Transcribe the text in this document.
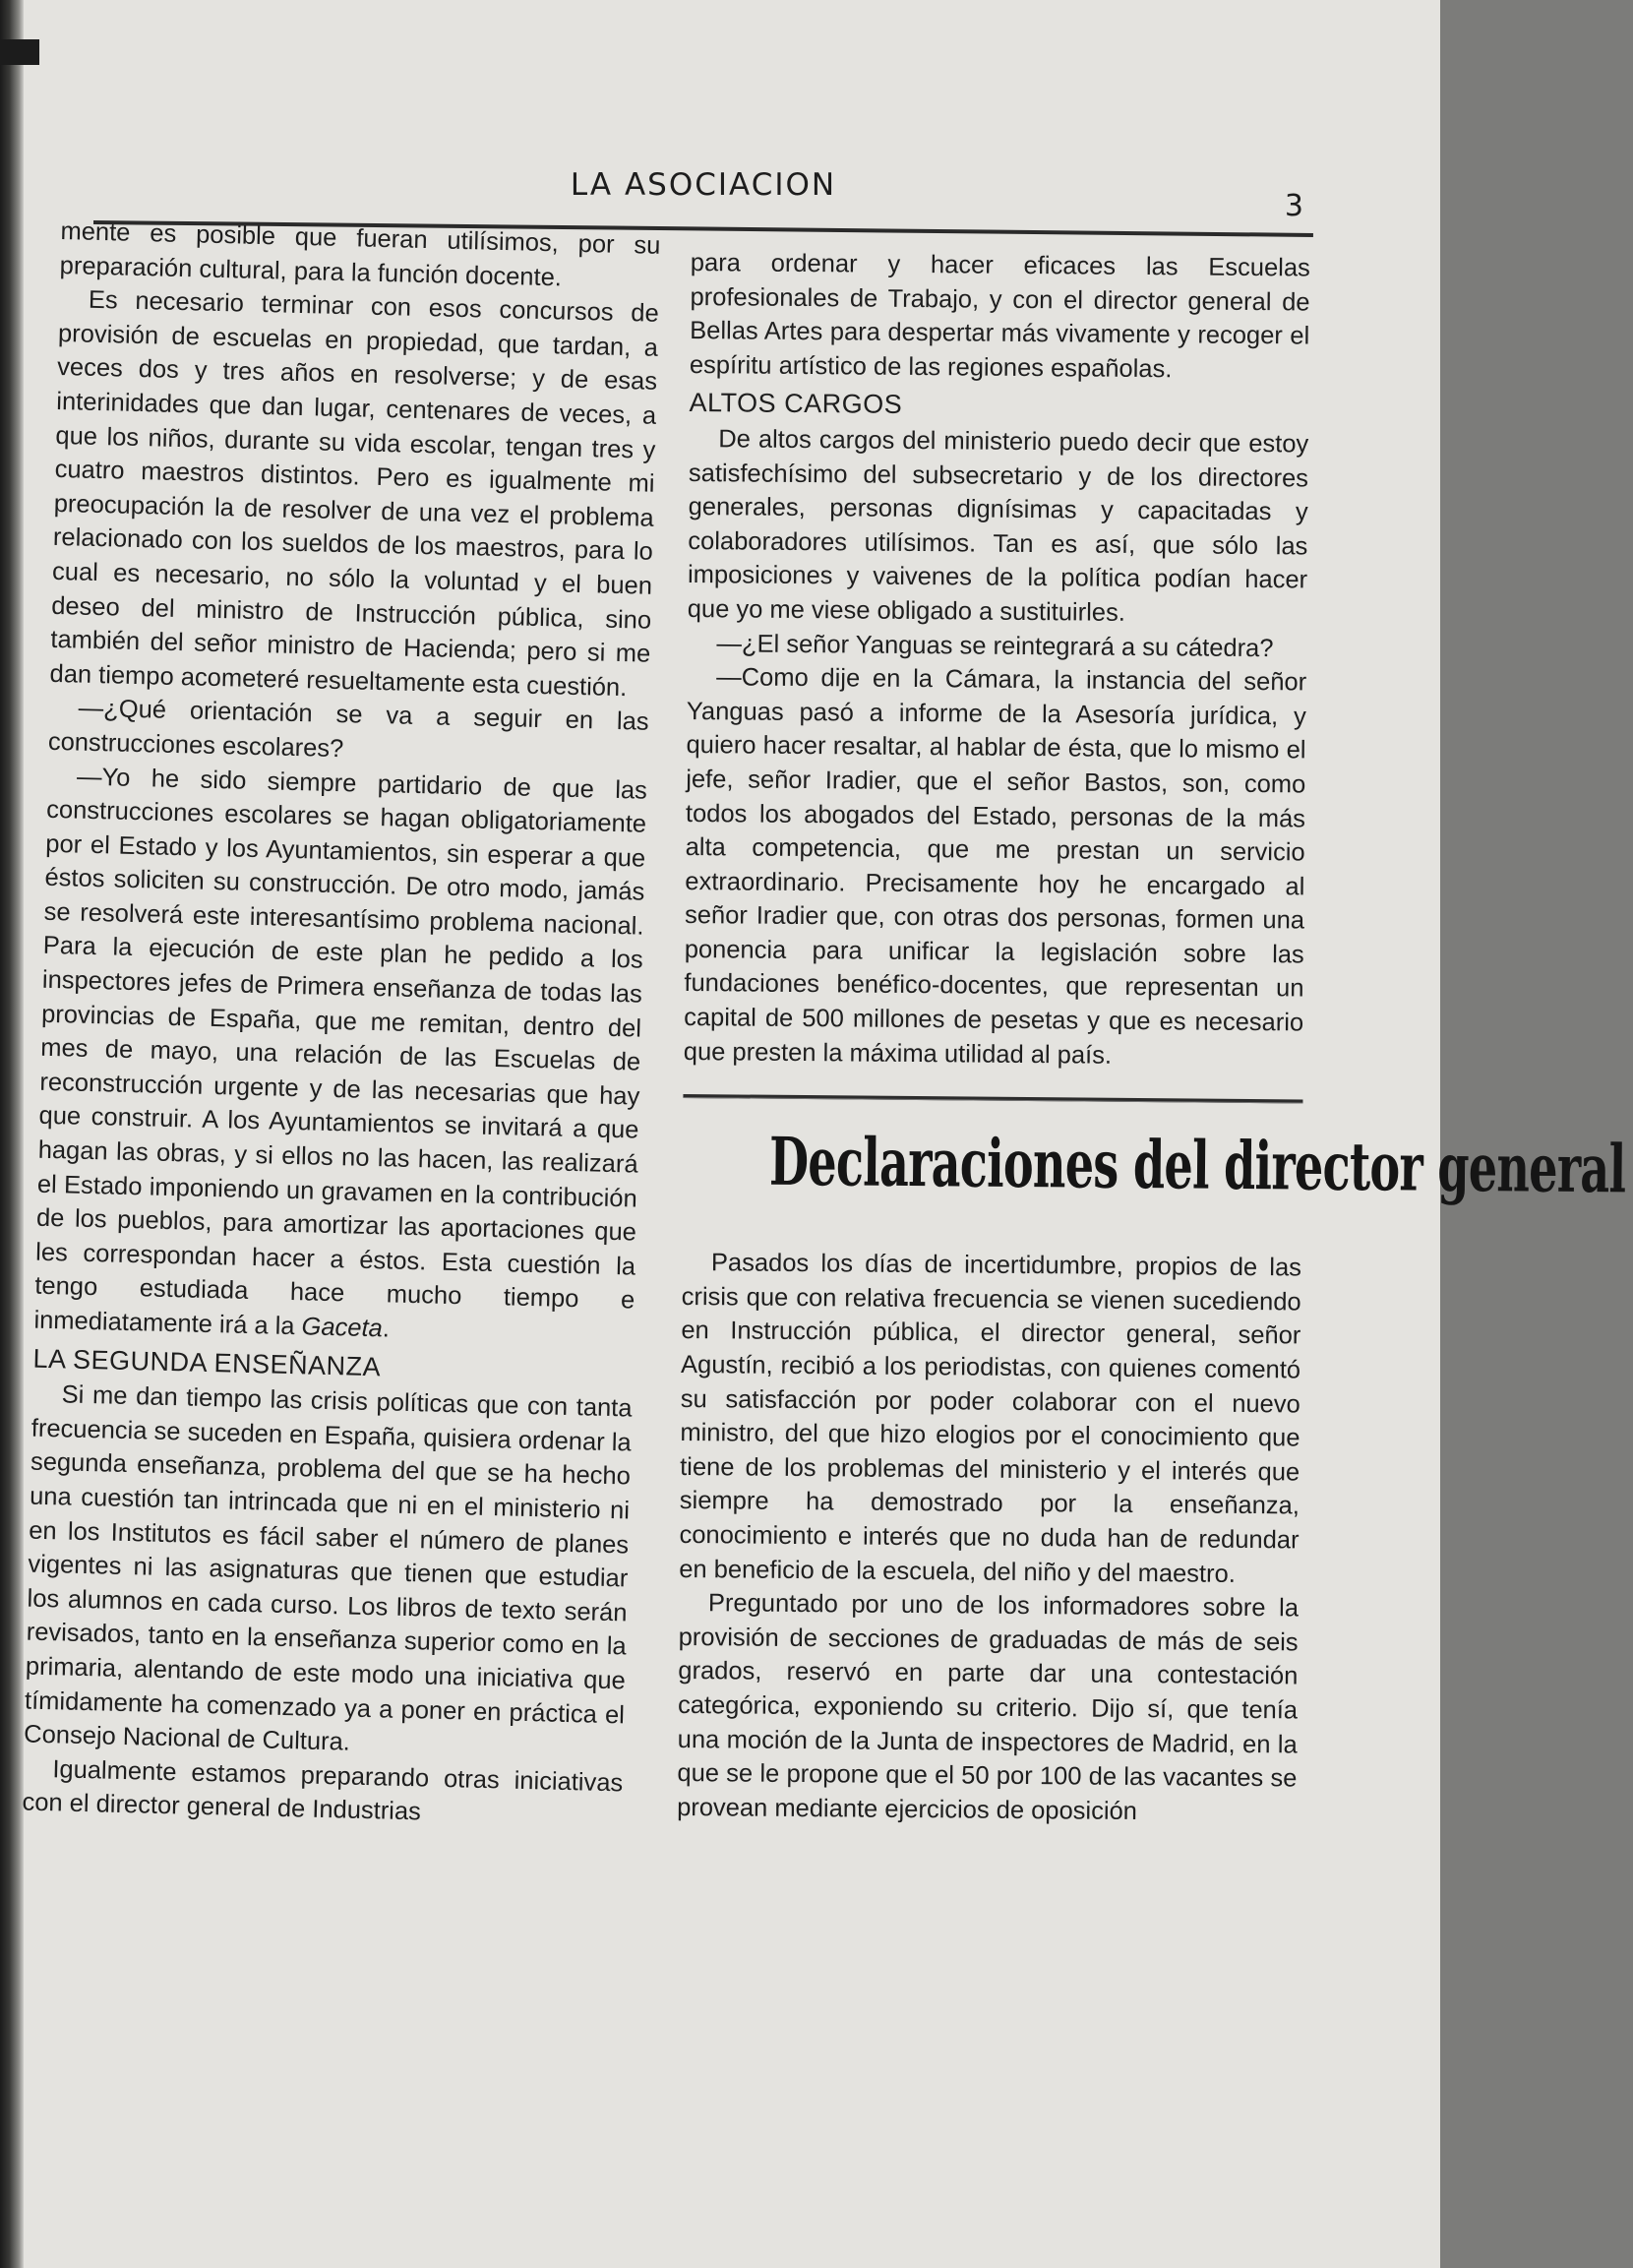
LA ASOCIACION
3

mente es posible que fueran utilísimos, por su preparación cultural, para la función docente.

Es necesario terminar con esos concursos de provisión de escuelas en propiedad, que tardan, a veces dos y tres años en resolverse; y de esas interinidades que dan lugar, centenares de veces, a que los niños, durante su vida escolar, tengan tres y cuatro maestros distintos. Pero es igualmente mi preocupación la de resolver de una vez el problema relacionado con los sueldos de los maestros, para lo cual es necesario, no sólo la voluntad y el buen deseo del ministro de Instrucción pública, sino también del señor ministro de Hacienda; pero si me dan tiempo acometeré resueltamente esta cuestión.

—¿Qué orientación se va a seguir en las construcciones escolares?

—Yo he sido siempre partidario de que las construcciones escolares se hagan obligatoriamente por el Estado y los Ayuntamientos, sin esperar a que éstos soliciten su construcción. De otro modo, jamás se resolverá este interesantísimo problema nacional. Para la ejecución de este plan he pedido a los inspectores jefes de Primera enseñanza de todas las provincias de España, que me remitan, dentro del mes de mayo, una relación de las Escuelas de reconstrucción urgente y de las necesarias que hay que construir. A los Ayuntamientos se invitará a que hagan las obras, y si ellos no las hacen, las realizará el Estado imponiendo un gravamen en la contribución de los pueblos, para amortizar las aportaciones que les correspondan hacer a éstos. Esta cuestión la tengo estudiada hace mucho tiempo e inmediatamente irá a la Gaceta.

LA SEGUNDA ENSEÑANZA

Si me dan tiempo las crisis políticas que con tanta frecuencia se suceden en España, quisiera ordenar la segunda enseñanza, problema del que se ha hecho una cuestión tan intrincada que ni en el ministerio ni en los Institutos es fácil saber el número de planes vigentes ni las asignaturas que tienen que estudiar los alumnos en cada curso. Los libros de texto serán revisados, tanto en la enseñanza superior como en la primaria, alentando de este modo una iniciativa que tímidamente ha comenzado ya a poner en práctica el Consejo Nacional de Cultura.

Igualmente estamos preparando otras iniciativas con el director general de Industrias

para ordenar y hacer eficaces las Escuelas profesionales de Trabajo, y con el director general de Bellas Artes para despertar más vivamente y recoger el espíritu artístico de las regiones españolas.

ALTOS CARGOS

De altos cargos del ministerio puedo decir que estoy satisfechísimo del subsecretario y de los directores generales, personas dignísimas y capacitadas y colaboradores utilísimos. Tan es así, que sólo las imposiciones y vaivenes de la política podían hacer que yo me viese obligado a sustituirles.

—¿El señor Yanguas se reintegrará a su cátedra?

—Como dije en la Cámara, la instancia del señor Yanguas pasó a informe de la Asesoría jurídica, y quiero hacer resaltar, al hablar de ésta, que lo mismo el jefe, señor Iradier, que el señor Bastos, son, como todos los abogados del Estado, personas de la más alta competencia, que me prestan un servicio extraordinario. Precisamente hoy he encargado al señor Iradier que, con otras dos personas, formen una ponencia para unificar la legislación sobre las fundaciones benéfico-docentes, que representan un capital de 500 millones de pesetas y que es necesario que presten la máxima utilidad al país.

Declaraciones del director general

Pasados los días de incertidumbre, propios de las crisis que con relativa frecuencia se vienen sucediendo en Instrucción pública, el director general, señor Agustín, recibió a los periodistas, con quienes comentó su satisfacción por poder colaborar con el nuevo ministro, del que hizo elogios por el conocimiento que tiene de los problemas del ministerio y el interés que siempre ha demostrado por la enseñanza, conocimiento e interés que no duda han de redundar en beneficio de la escuela, del niño y del maestro.

Preguntado por uno de los informadores sobre la provisión de secciones de graduadas de más de seis grados, reservó en parte dar una contestación categórica, exponiendo su criterio. Dijo sí, que tenía una moción de la Junta de inspectores de Madrid, en la que se le propone que el 50 por 100 de las vacantes se provean mediante ejercicios de oposición
